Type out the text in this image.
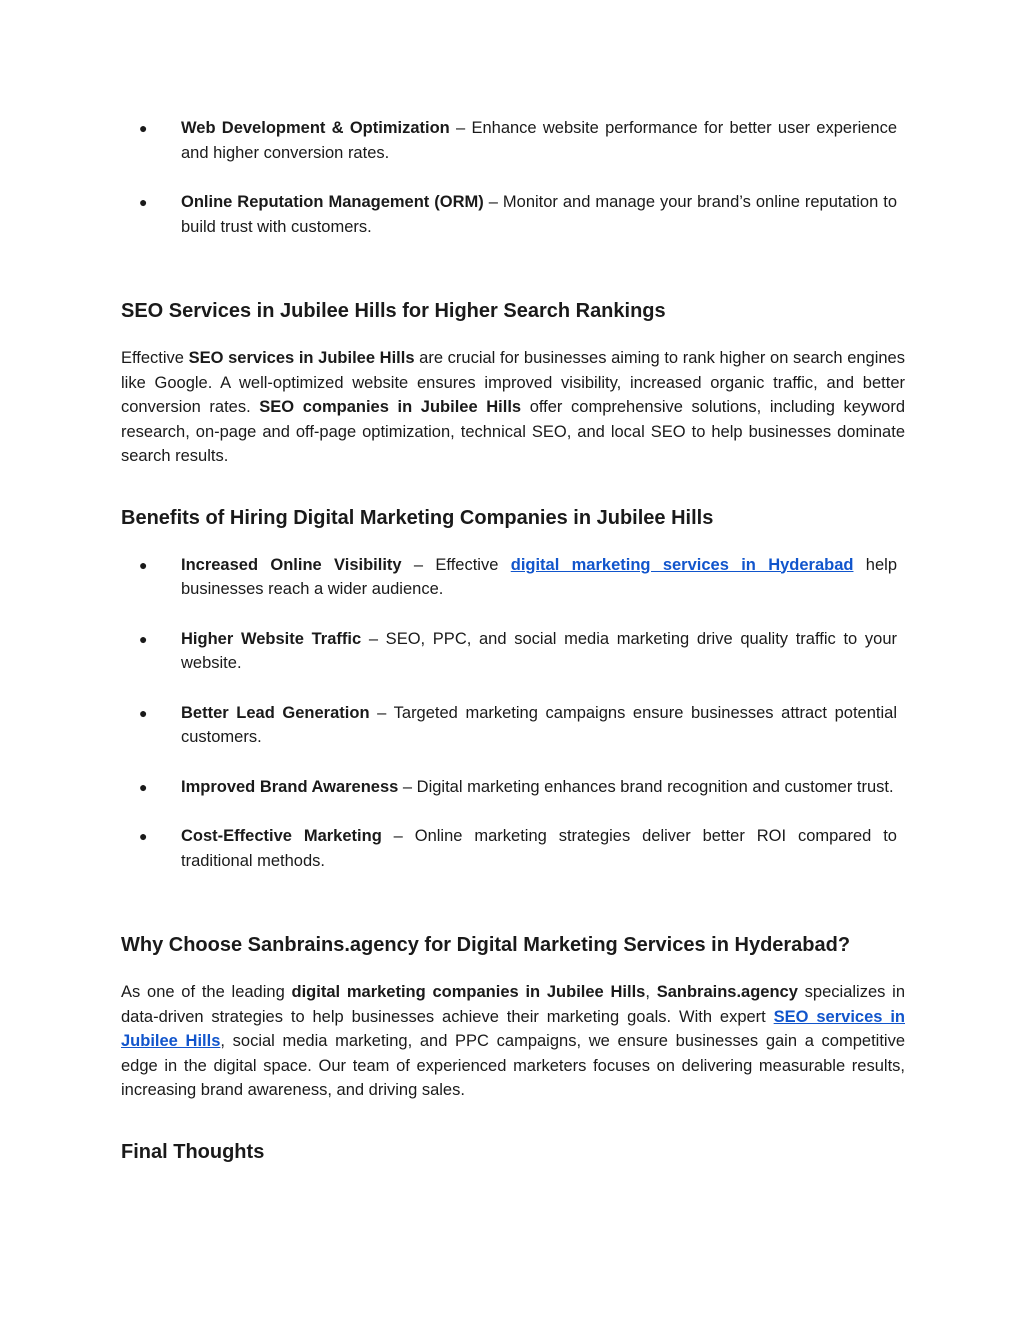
● Web Development & Optimization – Enhance website performance for better user experience and higher conversion rates.
● Online Reputation Management (ORM) – Monitor and manage your brand’s online reputation to build trust with customers.
SEO Services in Jubilee Hills for Higher Search Rankings

Effective SEO services in Jubilee Hills are crucial for businesses aiming to rank higher on search engines like Google. A well-optimized website ensures improved visibility, increased organic traffic, and better conversion rates. SEO companies in Jubilee Hills offer comprehensive solutions, including keyword research, on-page and off-page optimization, technical SEO, and local SEO to help businesses dominate search results.

Benefits of Hiring Digital Marketing Companies in Jubilee Hills
● Increased Online Visibility – Effective digital marketing services in Hyderabad help businesses reach a wider audience.
● Higher Website Traffic – SEO, PPC, and social media marketing drive quality traffic to your website.
● Better Lead Generation – Targeted marketing campaigns ensure businesses attract potential customers.
● Improved Brand Awareness – Digital marketing enhances brand recognition and customer trust.
● Cost-Effective Marketing – Online marketing strategies deliver better ROI compared to traditional methods.
Why Choose Sanbrains.agency for Digital Marketing Services in Hyderabad?

As one of the leading digital marketing companies in Jubilee Hills, Sanbrains.agency specializes in data-driven strategies to help businesses achieve their marketing goals. With expert SEO services in Jubilee Hills, social media marketing, and PPC campaigns, we ensure businesses gain a competitive edge in the digital space. Our team of experienced marketers focuses on delivering measurable results, increasing brand awareness, and driving sales.

Final Thoughts
